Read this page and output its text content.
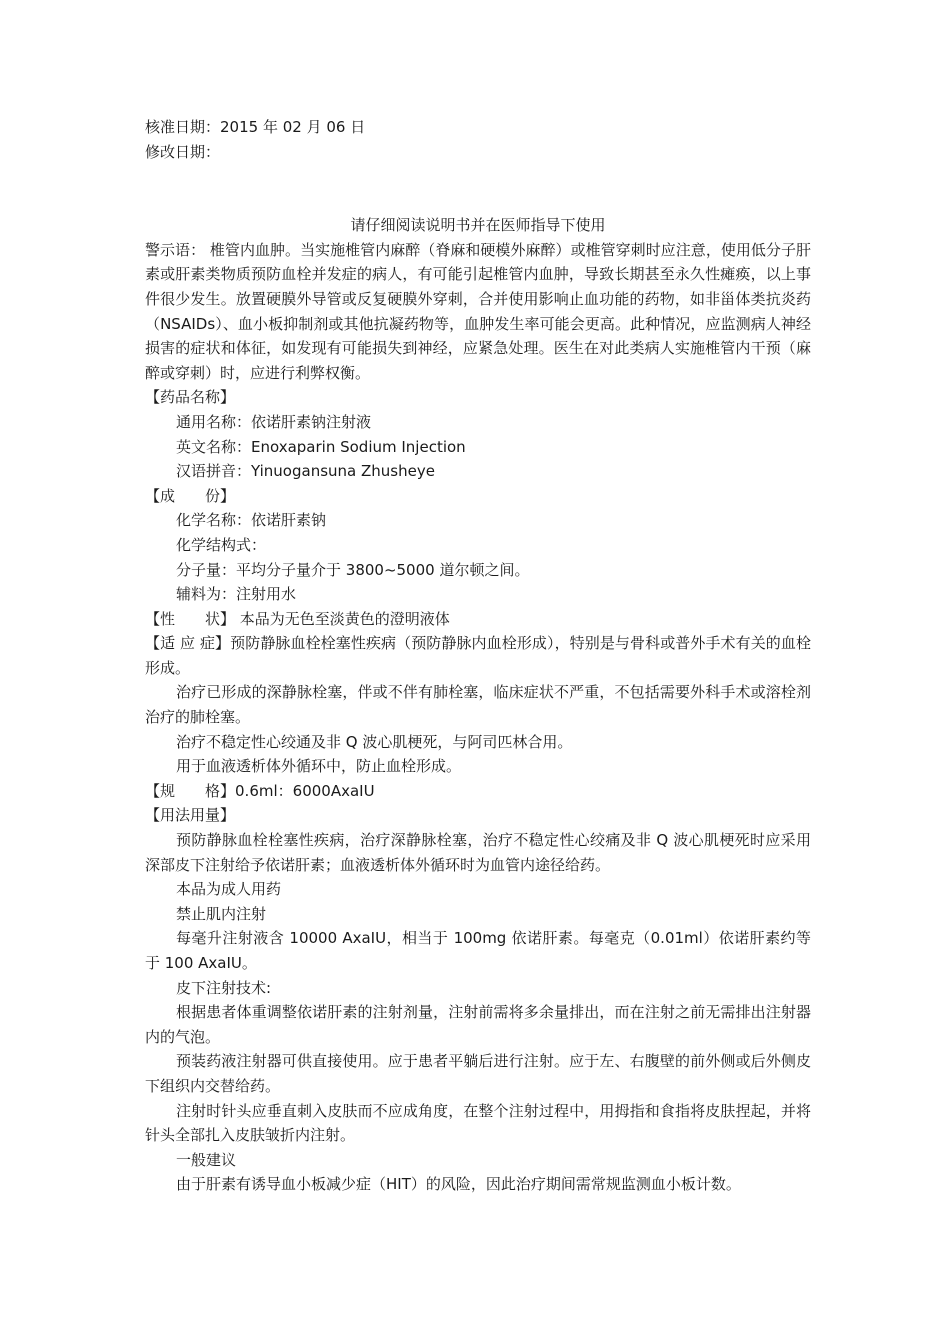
核准日期：2015 年 02 月 06 日
修改日期：
请仔细阅读说明书并在医师指导下使用
警示语： 椎管内血肿。当实施椎管内麻醉（脊麻和硬模外麻醉）或椎管穿刺时应注意，使用低分子肝素或肝素类物质预防血栓并发症的病人，有可能引起椎管内血肿，导致长期甚至永久性瘫痪，以上事件很少发生。放置硬膜外导管或反复硬膜外穿刺，合并使用影响止血功能的药物，如非甾体类抗炎药（NSAIDs）、血小板抑制剂或其他抗凝药物等，血肿发生率可能会更高。此种情况，应监测病人神经损害的症状和体征，如发现有可能损失到神经，应紧急处理。医生在对此类病人实施椎管内干预（麻醉或穿刺）时，应进行利弊权衡。
【药品名称】
通用名称：依诺肝素钠注射液
英文名称：Enoxaparin Sodium Injection
汉语拼音：Yinuogansuna Zhusheye
【成　　份】
化学名称：依诺肝素钠
化学结构式：
分子量：平均分子量介于 3800~5000 道尔顿之间。
辅料为：注射用水
【性　　状】 本品为无色至淡黄色的澄明液体
【适 应 症】预防静脉血栓栓塞性疾病（预防静脉内血栓形成），特别是与骨科或普外手术有关的血栓形成。
治疗已形成的深静脉栓塞，伴或不伴有肺栓塞，临床症状不严重，不包括需要外科手术或溶栓剂治疗的肺栓塞。
治疗不稳定性心绞通及非 Q 波心肌梗死，与阿司匹林合用。
用于血液透析体外循环中，防止血栓形成。
【规　　格】0.6ml：6000AxaIU
【用法用量】
预防静脉血栓栓塞性疾病，治疗深静脉栓塞，治疗不稳定性心绞痛及非 Q 波心肌梗死时应采用深部皮下注射给予依诺肝素；血液透析体外循环时为血管内途径给药。
本品为成人用药
禁止肌内注射
每毫升注射液含 10000 AxaIU，相当于 100mg 依诺肝素。每毫克（0.01ml）依诺肝素约等于 100 AxaIU。
皮下注射技术:
根据患者体重调整依诺肝素的注射剂量，注射前需将多余量排出，而在注射之前无需排出注射器内的气泡。
预装药液注射器可供直接使用。应于患者平躺后进行注射。应于左、右腹壁的前外侧或后外侧皮下组织内交替给药。
注射时针头应垂直刺入皮肤而不应成角度，在整个注射过程中，用拇指和食指将皮肤捏起，并将针头全部扎入皮肤皱折内注射。
一般建议
由于肝素有诱导血小板减少症（HIT）的风险，因此治疗期间需常规监测血小板计数。
